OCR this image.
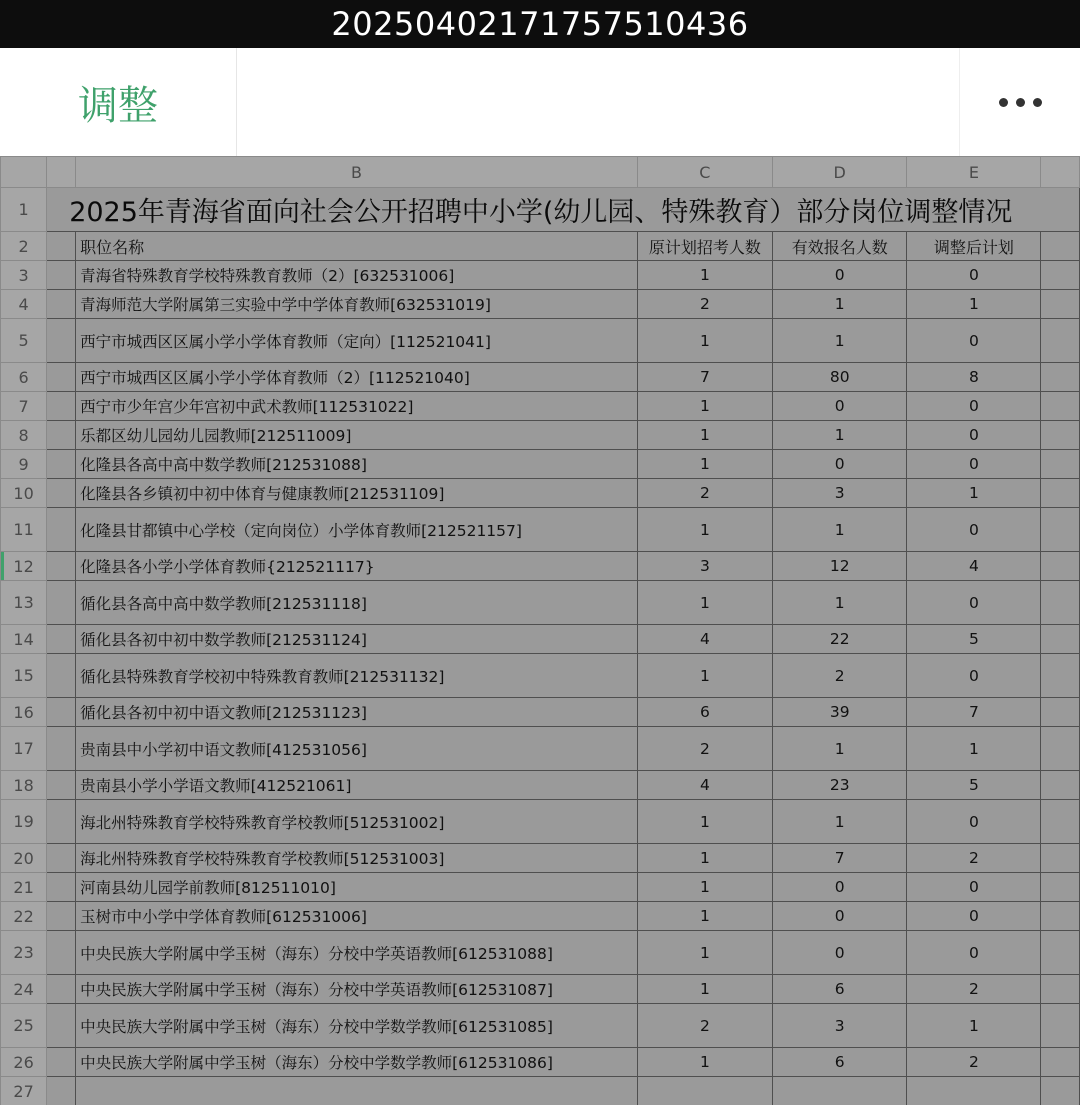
20250402171757510436
调整
		B	C	D	E	
1	2025年青海省面向社会公开招聘中小学(幼儿园、特殊教育）部分岗位调整情况					
2		职位名称	原计划招考人数	有效报名人数	调整后计划	
3		青海省特殊教育学校特殊教育教师（2）[632531006]	1	0	0	
4		青海师范大学附属第三实验中学中学体育教师[632531019]	2	1	1	
5		西宁市城西区区属小学小学体育教师（定向）[112521041]	1	1	0	
6		西宁市城西区区属小学小学体育教师（2）[112521040]	7	80	8	
7		西宁市少年宫少年宫初中武术教师[112531022]	1	0	0	
8		乐都区幼儿园幼儿园教师[212511009]	1	1	0	
9		化隆县各高中高中数学教师[212531088]	1	0	0	
10		化隆县各乡镇初中初中体育与健康教师[212531109]	2	3	1	
11		化隆县甘都镇中心学校（定向岗位）小学体育教师[212521157]	1	1	0	
12		化隆县各小学小学体育教师{212521117}	3	12	4	
13		循化县各高中高中数学教师[212531118]	1	1	0	
14		循化县各初中初中数学教师[212531124]	4	22	5	
15		循化县特殊教育学校初中特殊教育教师[212531132]	1	2	0	
16		循化县各初中初中语文教师[212531123]	6	39	7	
17		贵南县中小学初中语文教师[412531056]	2	1	1	
18		贵南县小学小学语文教师[412521061]	4	23	5	
19		海北州特殊教育学校特殊教育学校教师[512531002]	1	1	0	
20		海北州特殊教育学校特殊教育学校教师[512531003]	1	7	2	
21		河南县幼儿园学前教师[812511010]	1	0	0	
22		玉树市中小学中学体育教师[612531006]	1	0	0	
23		中央民族大学附属中学玉树（海东）分校中学英语教师[612531088]	1	0	0	
24		中央民族大学附属中学玉树（海东）分校中学英语教师[612531087]	1	6	2	
25		中央民族大学附属中学玉树（海东）分校中学数学教师[612531085]	2	3	1	
26		中央民族大学附属中学玉树（海东）分校中学数学教师[612531086]	1	6	2	
27						
